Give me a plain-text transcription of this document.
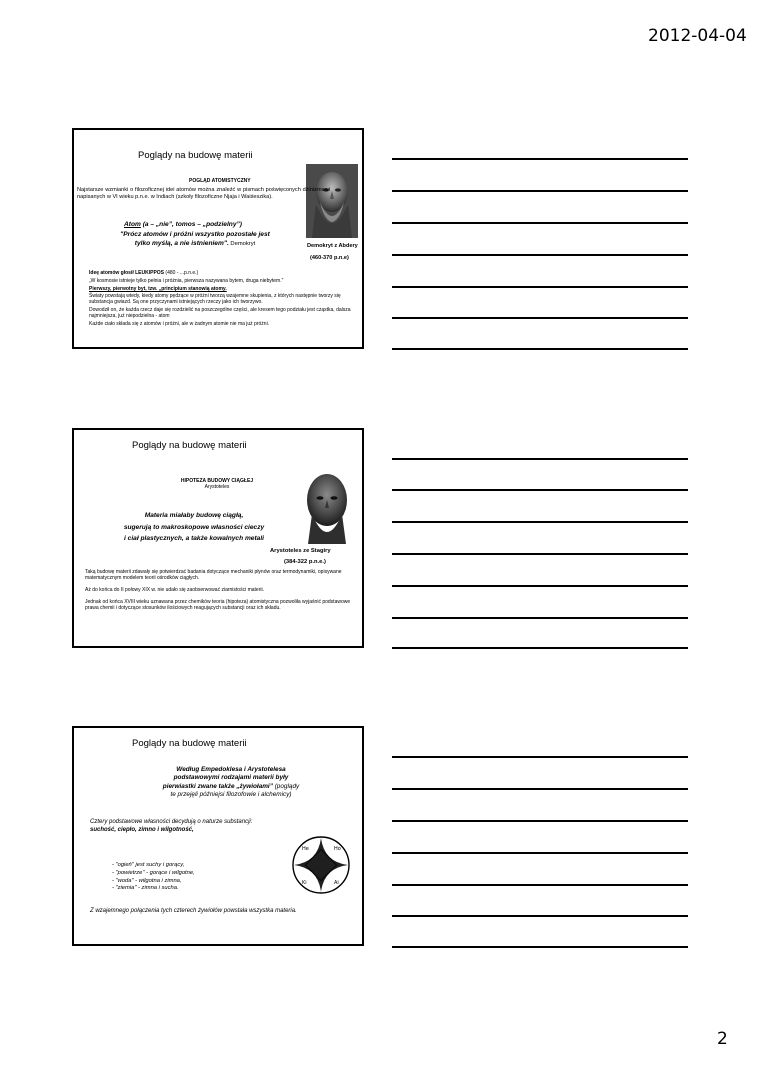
2012-04-04
Poglądy na budowę materii
POGLĄD ATOMISTYCZNY
Najstarsze wzmianki o filozoficznej idei atomów można znaleźć w pismach poświęconych dżinizmowi napisanych w VI wieku p.n.e. w Indiach (szkoły filozoficzne Njaja i Waiśeszika).
Atom (a – „nie”, tomos – „podzielny”)
"Prócz atomów i próżni wszystko pozostałe jest
tylko myślą, a nie istnieniem". Demokryt	Demokryt z Abdery
(460-370 p.n.e)
Ideę atomów głosił LEUKIPPOS (480 - ...p.n.e.)
„W kosmosie istnieje tylko pełnia i próżnia, pierwsza nazywana bytem, druga niebytem.”
Pierwszy, pierwotny byt, tzw. „principium stanowią atomy.
Światy powstają wtedy, kiedy atomy pędzące w próżni tworzą wzajemne skupienia, z których następnie tworzy się substancja gwiazd. Są one przyczynami istniejących rzeczy jako ich tworzywo.
Dowodził on, że każda rzecz daje się rozdzielić na poszczególne części, ale kresem tego podziału jest cząstka, dalsza najmniejsza, już niepodzielna - atom
Każde ciało składa się z atomów i próżni, ale w żadnym atomie nie ma już próżni.
Poglądy na budowę materii
HIPOTEZA BUDOWY CIĄGŁEJ
Arystoteles
Materia miałaby budowę ciągłą,
sugerują to makroskopowe własności cieczy
i ciał plastycznych, a także kowalnych metali
Arystoteles ze Stagiry
(384-322 p.n.e.)
Taką budowę materii zdawały się potwierdzać badania dotyczące mechaniki płynów oraz termodynamiki, opisywane matematycznym modelem teorii ośrodków ciągłych.
Aż do końca do II połowy XIX w. nie udało się zaobserwować ziarnistości materii.
Jednak od końca XVIII wieku uznawana przez chemików teoria (hipoteza) atomistyczna pozwoliła wyjaśnić podstawowe prawa chemii i dotyczące stosunków ilościowych reagujących substancji oraz ich składu.
Poglądy na budowę materii
Według Empedoklesa i Arystotelesa
podstawowymi rodzajami materii były
pierwiastki zwane także „żywiołami” (poglądy
te przejęli późniejsi filozofowie i alchemicy)
Cztery podstawowe własności decydują o naturze substancji:
suchość, ciepło, zimno i wilgotność,
- "ogień" jest suchy i gorący,
- "powietrze" - gorące i wilgotne,
- "woda" - wilgotna i zimna,
- "ziemia" - zimna i sucha.
He	Ho
Ki	Ai
Z wzajemnego połączenia tych czterech żywiołów powstała wszystka materia.
2
